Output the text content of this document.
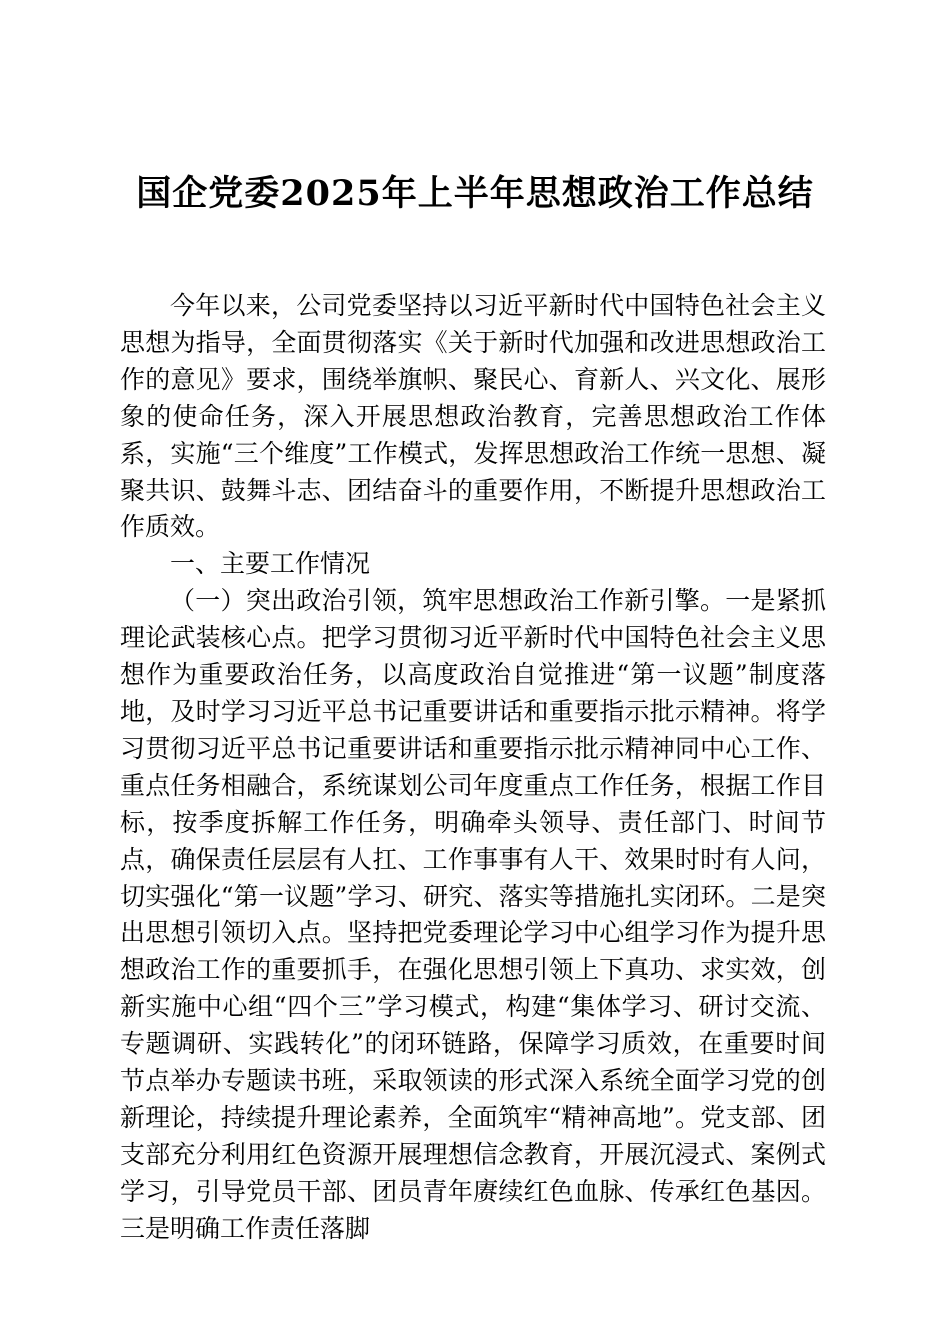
国企党委2025年上半年思想政治工作总结

今年以来，公司党委坚持以习近平新时代中国特色社会主义思想为指导，全面贯彻落实《关于新时代加强和改进思想政治工作的意见》要求，围绕举旗帜、聚民心、育新人、兴文化、展形象的使命任务，深入开展思想政治教育，完善思想政治工作体系，实施“三个维度”工作模式，发挥思想政治工作统一思想、凝聚共识、鼓舞斗志、团结奋斗的重要作用，不断提升思想政治工作质效。

一、主要工作情况

（一）突出政治引领，筑牢思想政治工作新引擎。一是紧抓理论武装核心点。把学习贯彻习近平新时代中国特色社会主义思想作为重要政治任务，以高度政治自觉推进“第一议题”制度落地，及时学习习近平总书记重要讲话和重要指示批示精神。将学习贯彻习近平总书记重要讲话和重要指示批示精神同中心工作、重点任务相融合，系统谋划公司年度重点工作任务，根据工作目标，按季度拆解工作任务，明确牵头领导、责任部门、时间节点，确保责任层层有人扛、工作事事有人干、效果时时有人问，切实强化“第一议题”学习、研究、落实等措施扎实闭环。二是突出思想引领切入点。坚持把党委理论学习中心组学习作为提升思想政治工作的重要抓手，在强化思想引领上下真功、求实效，创新实施中心组“四个三”学习模式，构建“集体学习、研讨交流、专题调研、实践转化”的闭环链路，保障学习质效，在重要时间节点举办专题读书班，采取领读的形式深入系统全面学习党的创新理论，持续提升理论素养，全面筑牢“精神高地”。党支部、团支部充分利用红色资源开展理想信念教育，开展沉浸式、案例式学习，引导党员干部、团员青年赓续红色血脉、传承红色基因。三是明确工作责任落脚
